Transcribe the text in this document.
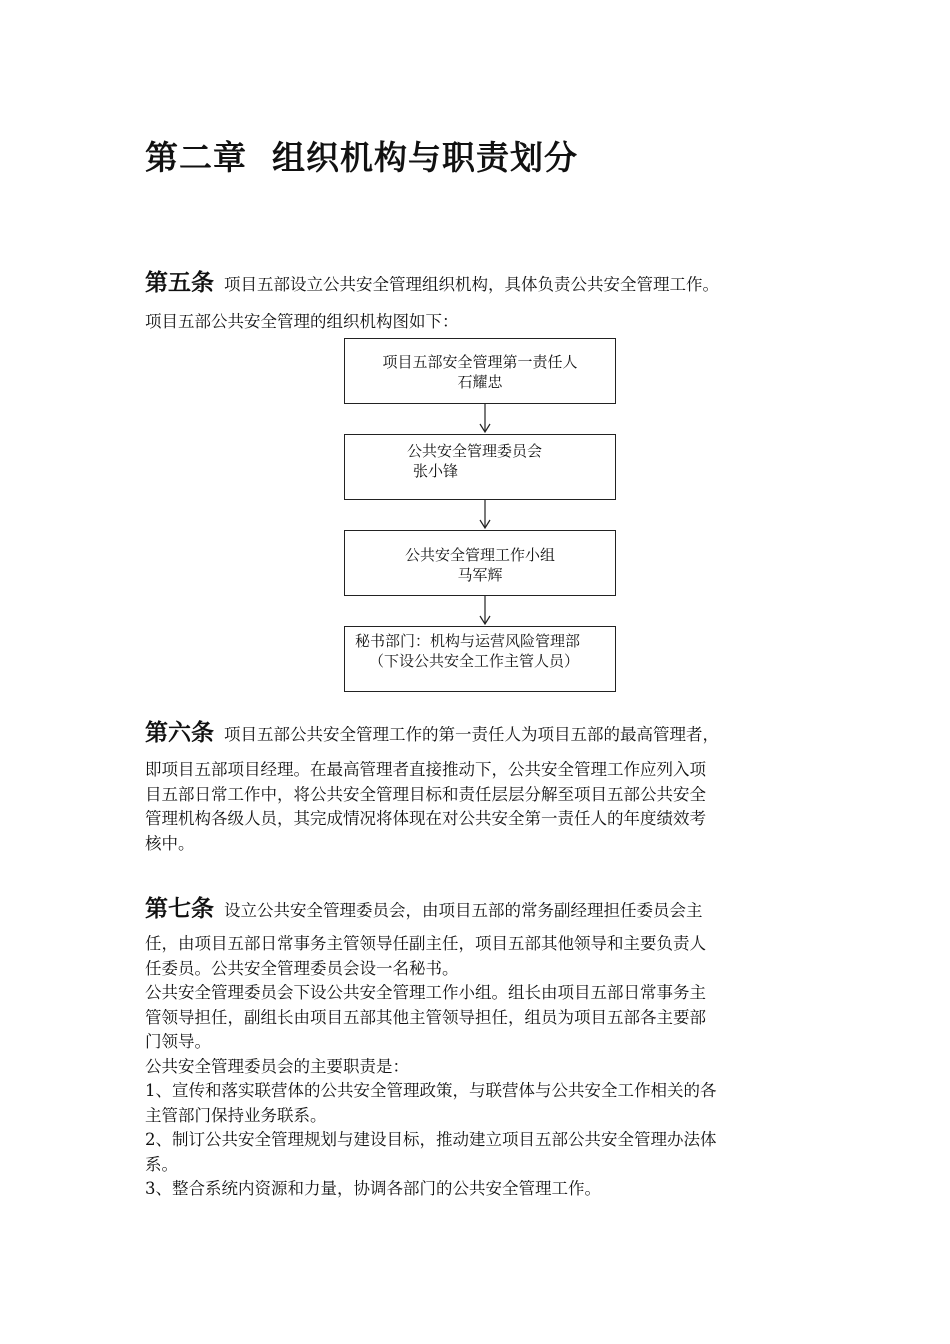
第二章  组织机构与职责划分
第五条 项目五部设立公共安全管理组织机构，具体负责公共安全管理工作。
项目五部公共安全管理的组织机构图如下：
项目五部安全管理第一责任人
石耀忠
公共安全管理委员会
张小锋
公共安全管理工作小组
马军辉
秘书部门：机构与运营风险管理部
（下设公共安全工作主管人员）
第六条 项目五部公共安全管理工作的第一责任人为项目五部的最高管理者，
即项目五部项目经理。在最高管理者直接推动下，公共安全管理工作应列入项
目五部日常工作中，将公共安全管理目标和责任层层分解至项目五部公共安全
管理机构各级人员，其完成情况将体现在对公共安全第一责任人的年度绩效考
核中。
第七条 设立公共安全管理委员会，由项目五部的常务副经理担任委员会主
任，由项目五部日常事务主管领导任副主任，项目五部其他领导和主要负责人
任委员。公共安全管理委员会设一名秘书。
公共安全管理委员会下设公共安全管理工作小组。组长由项目五部日常事务主
管领导担任，副组长由项目五部其他主管领导担任，组员为项目五部各主要部
门领导。
公共安全管理委员会的主要职责是：
1、宣传和落实联营体的公共安全管理政策，与联营体与公共安全工作相关的各
主管部门保持业务联系。
2、制订公共安全管理规划与建设目标，推动建立项目五部公共安全管理办法体
系。
3、整合系统内资源和力量，协调各部门的公共安全管理工作。
